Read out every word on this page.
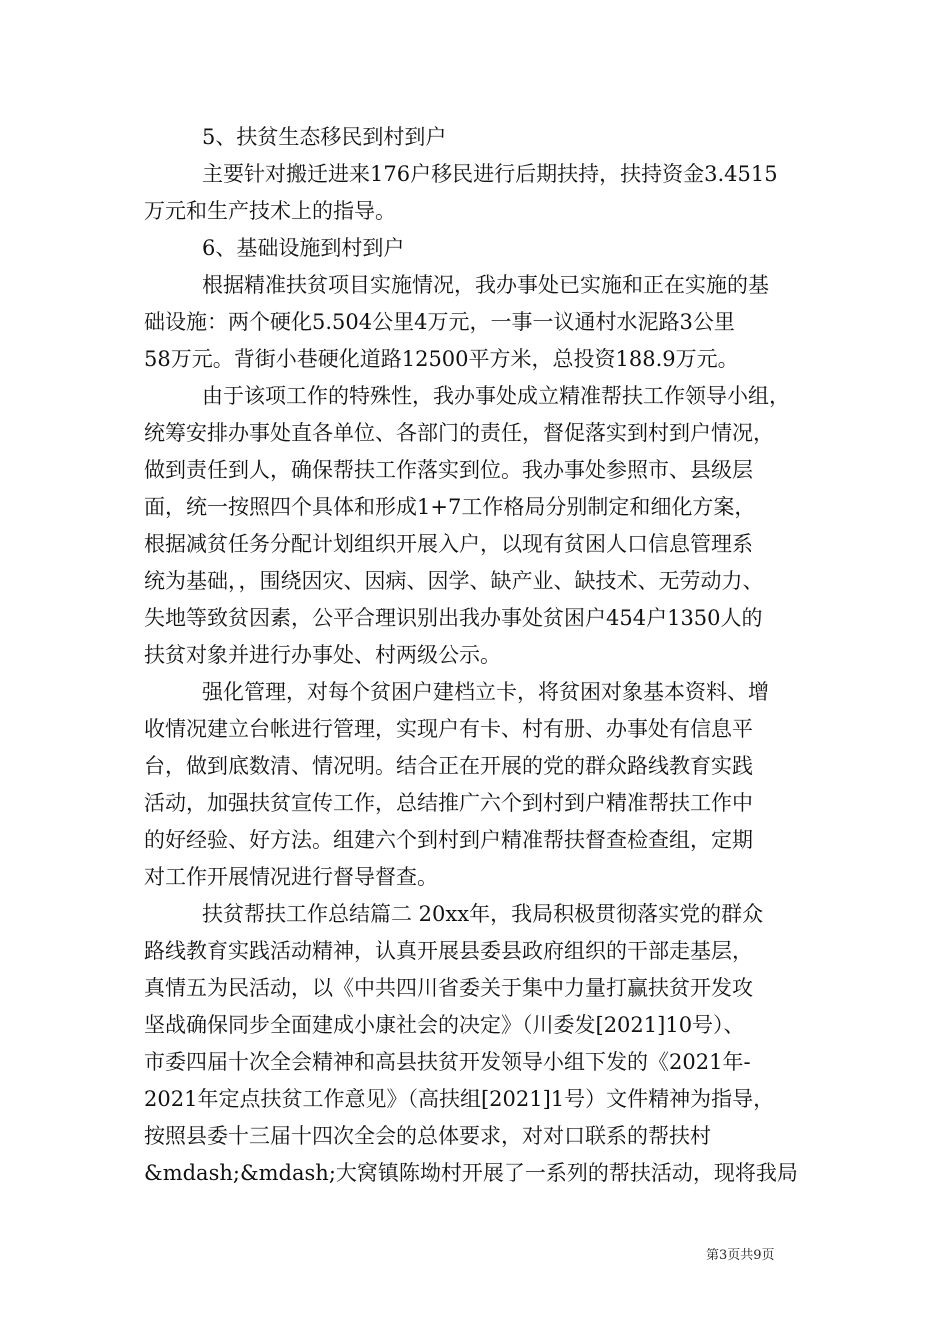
5、扶贫生态移民到村到户
主要针对搬迁进来176户移民进行后期扶持，扶持资金3.4515
万元和生产技术上的指导。
6、基础设施到村到户
根据精准扶贫项目实施情况，我办事处已实施和正在实施的基
础设施：两个硬化5.504公里4万元，一事一议通村水泥路3公里
58万元。背街小巷硬化道路12500平方米，总投资188.9万元。
由于该项工作的特殊性，我办事处成立精准帮扶工作领导小组，
统筹安排办事处直各单位、各部门的责任，督促落实到村到户情况，
做到责任到人，确保帮扶工作落实到位。我办事处参照市、县级层
面，统一按照四个具体和形成1+7工作格局分别制定和细化方案，
根据减贫任务分配计划组织开展入户，以现有贫困人口信息管理系
统为基础，，围绕因灾、因病、因学、缺产业、缺技术、无劳动力、
失地等致贫因素，公平合理识别出我办事处贫困户454户1350人的
扶贫对象并进行办事处、村两级公示。
强化管理，对每个贫困户建档立卡，将贫困对象基本资料、增
收情况建立台帐进行管理，实现户有卡、村有册、办事处有信息平
台，做到底数清、情况明。结合正在开展的党的群众路线教育实践
活动，加强扶贫宣传工作，总结推广六个到村到户精准帮扶工作中
的好经验、好方法。组建六个到村到户精准帮扶督查检查组，定期
对工作开展情况进行督导督查。
扶贫帮扶工作总结篇二 20xx年，我局积极贯彻落实党的群众
路线教育实践活动精神，认真开展县委县政府组织的干部走基层，
真情五为民活动，以《中共四川省委关于集中力量打赢扶贫开发攻
坚战确保同步全面建成小康社会的决定》（川委发[2021]10号）、
市委四届十次全会精神和高县扶贫开发领导小组下发的《2021年-
2021年定点扶贫工作意见》（高扶组[2021]1号）文件精神为指导，
按照县委十三届十四次全会的总体要求，对对口联系的帮扶村
&mdash;&mdash;大窝镇陈坳村开展了一系列的帮扶活动，现将我局
第3页共9页
